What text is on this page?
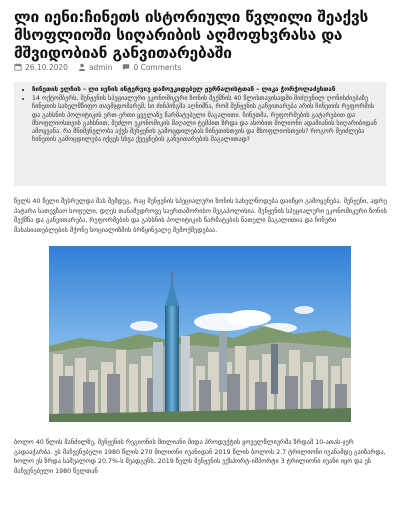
ლი იენი:ჩინეთს ისტორიული წვლილი შეაქვს მსოფლიოში სიღარიბის აღმოფხვრასა და მშვიდობიან განვითარებაში
26.10.2020	admin	0 Comments
• ჩინეთის ელჩის – ლი იენის ინტერვიუ დამოუკიდებელ ჟურნალისტთან – ლიკა ჭორჭოლაძესთან
• 14 ოქტომბერს, შენჟენის სპეციალური ეკონომიკური ზონის შექმნის 40 წლისთავისადმი მიძღვნილ ღონისძიებაზე ჩინეთის სახელმწიფო თავმჯდომარემ, სი ძინპინგმა აღნიშნა, რომ შენჟენის განვითარება არის ჩინეთის რეფორმის და გახსნის პოლიტიკის ერთ-ერთი ყველაზე წარმატებული მაგალითი. ჩინეთმა, რეფორმების გატარებით და მსოფლიოსთვის გახსნით, შეძლო ეკონომიკის მაღალი ტემპით ზრდა და ასობით მილიონი ადამიანის სიღარიბიდან ამოყვანა. რა მნიშვნელობა აქვს შენჟენის გამოცდილებას ჩინეთისთვის და მსოფლიოსთვის? როგორ შეიძლება ჩინეთის გამოცდილება იქცეს სხვა ქვეყნების განვითარების მაგალითად?

წელს 40 წელი შესრულდა მას შემდეგ, რაც შენჟენის სპეციალური ზონის სახელწოდება დაიწყო გამოყენება. შენჟენი, ადრე პატარა სათევზაო სოფელი, დღეს თანამედროვე საერთაშორისო მეგაპოლისია. შენჟენის სპეციალური ეკონომიკური ზონის შექმნა და განვითარება, რეფორმების და გახსნის პოლიტიკის წარმატების ნათელი მაგალითია და ჩინური მახასიათებლების მქონე სოციალიზმის ბრწყინვალე შემოქმედებაა.

ბოლო 40 წლის მანძილზე, შენჟენის რეგიონის მთლიანი შიდა პროდუქტის ყოველწლიურმა ზრდამ 10-ათას-ჯერ გადააჭარბა. ეს მაჩვენებელი 1980 წლის 270 მილიონი იუანიდან 2019 წლის ბოლოს 2.7 ტრილიონი იუანამდე გაიზარდა, ხოლო ეს ზრდა საშუალოდ 20.7%-ს შეადგენს. 2019 წელს შენჟენის ექსპორტ-იმპორტი 3 ტრილიონი იუანი იყო და ეს მაჩვენებელი 1980 წელთან
